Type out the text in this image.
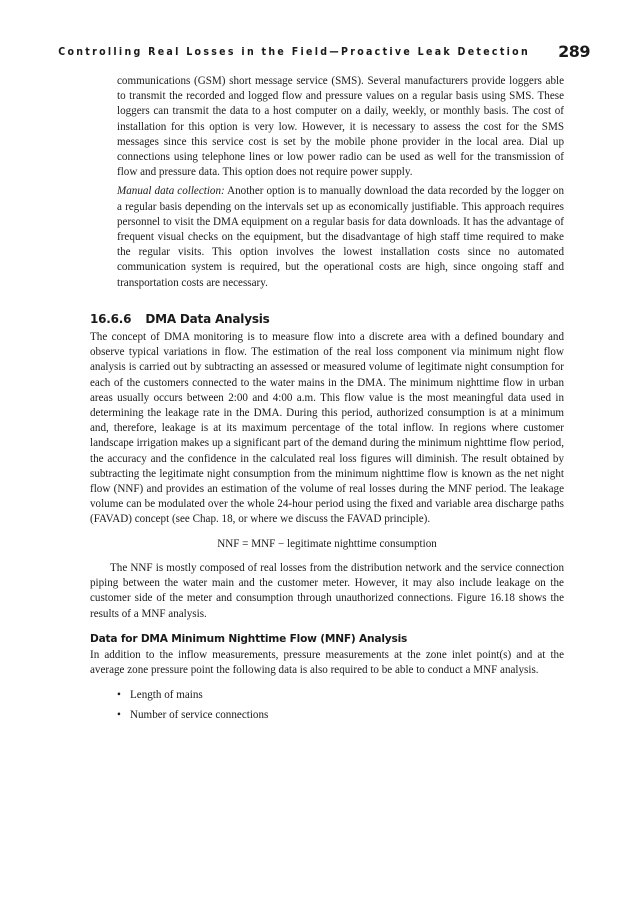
Controlling Real Losses in the Field—Proactive Leak Detection 289

communications (GSM) short message service (SMS). Several manufacturers provide loggers able to transmit the recorded and logged flow and pressure values on a regular basis using SMS. These loggers can transmit the data to a host computer on a daily, weekly, or monthly basis. The cost of installation for this option is very low. However, it is necessary to assess the cost for the SMS messages since this service cost is set by the mobile phone provider in the local area. Dial up connections using telephone lines or low power radio can be used as well for the transmission of flow and pressure data. This option does not require power supply.

Manual data collection: Another option is to manually download the data recorded by the logger on a regular basis depending on the intervals set up as economically justifiable. This approach requires personnel to visit the DMA equipment on a regular basis for data downloads. It has the advantage of frequent visual checks on the equipment, but the disadvantage of high staff time required to make the regular visits. This option involves the lowest installation costs since no automated communication system is required, but the operational costs are high, since ongoing staff and transportation costs are necessary.

16.6.6 DMA Data Analysis

The concept of DMA monitoring is to measure flow into a discrete area with a defined boundary and observe typical variations in flow. The estimation of the real loss component via minimum night flow analysis is carried out by subtracting an assessed or measured volume of legitimate night consumption for each of the customers connected to the water mains in the DMA. The minimum nighttime flow in urban areas usually occurs between 2:00 and 4:00 a.m. This flow value is the most meaningful data used in determining the leakage rate in the DMA. During this period, authorized consumption is at a minimum and, therefore, leakage is at its maximum percentage of the total inflow. In regions where customer landscape irrigation makes up a significant part of the demand during the minimum nighttime flow period, the accuracy and the confidence in the calculated real loss figures will diminish. The result obtained by subtracting the legitimate night consumption from the minimum nighttime flow is known as the net night flow (NNF) and provides an estimation of the volume of real losses during the MNF period. The leakage volume can be modulated over the whole 24-hour period using the fixed and variable area discharge paths (FAVAD) concept (see Chap. 18, or where we discuss the FAVAD principle).

NNF = MNF − legitimate nighttime consumption

The NNF is mostly composed of real losses from the distribution network and the service connection piping between the water main and the customer meter. However, it may also include leakage on the customer side of the meter and consumption through unauthorized connections. Figure 16.18 shows the results of a MNF analysis.

Data for DMA Minimum Nighttime Flow (MNF) Analysis

In addition to the inflow measurements, pressure measurements at the zone inlet point(s) and at the average zone pressure point the following data is also required to be able to conduct a MNF analysis.

• Length of mains
• Number of service connections
